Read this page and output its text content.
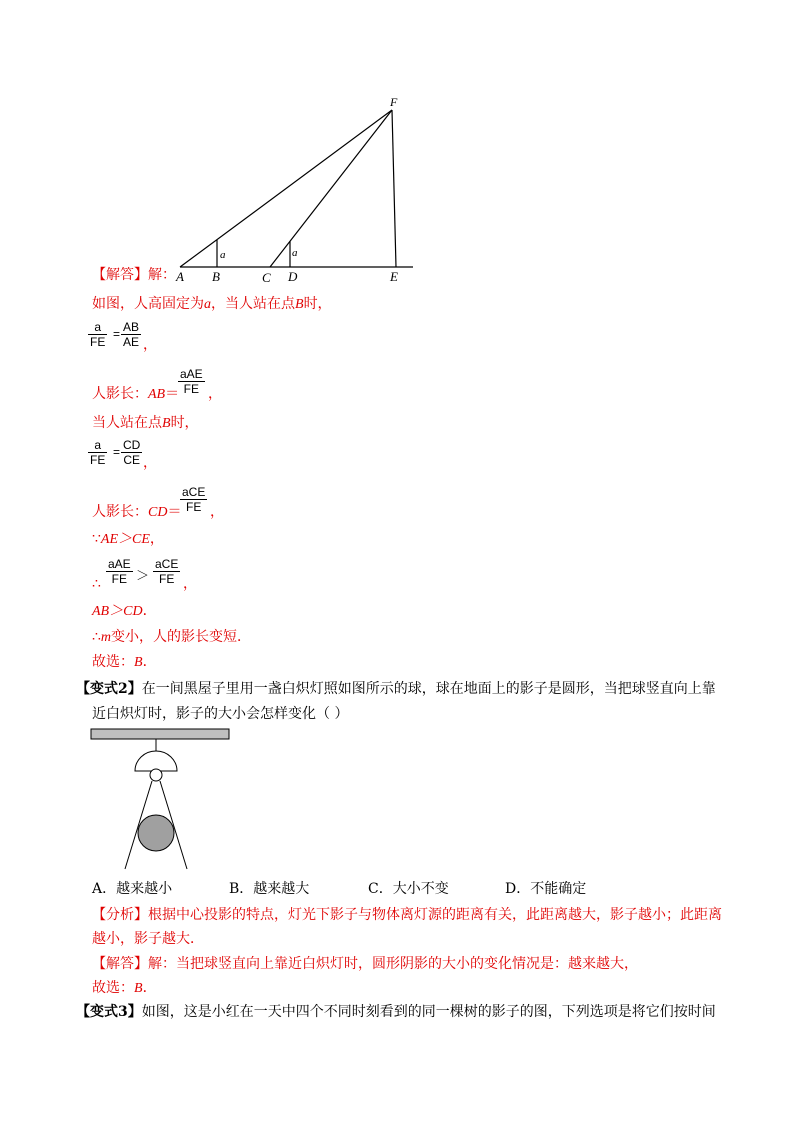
F
A B	C D	E
a	a
【解答】解：
如图，人高固定为a，当人站在点B时，
$\frac{a}{FE} = \frac{AB}{AE}$ ，
人影长：AB＝
aAE
FE ，
当人站在点B时，
$\frac{a}{FE} = \frac{CD}{CE}$ ，
人影长：CD＝
aCE
FE ，
∵AE＞CE，
∴
aAE
FE ＞
aCE
FE ，
AB＞CD．
∴m变小，人的影长变短．
故选：B．
【变式2】在一间黑屋子里用一盏白炽灯照如图所示的球，球在地面上的影子是圆形，当把球竖直向上靠
近白炽灯时，影子的大小会怎样变化（ ）
A．越来越小	B．越来越大	C．大小不变	D．不能确定
【分析】根据中心投影的特点，灯光下影子与物体离灯源的距离有关，此距离越大，影子越小；此距离
越小，影子越大．
【解答】解：当把球竖直向上靠近白炽灯时，圆形阴影的大小的变化情况是：越来越大，
故选：B．
【变式3】如图，这是小红在一天中四个不同时刻看到的同一棵树的影子的图，下列选项是将它们按时间
